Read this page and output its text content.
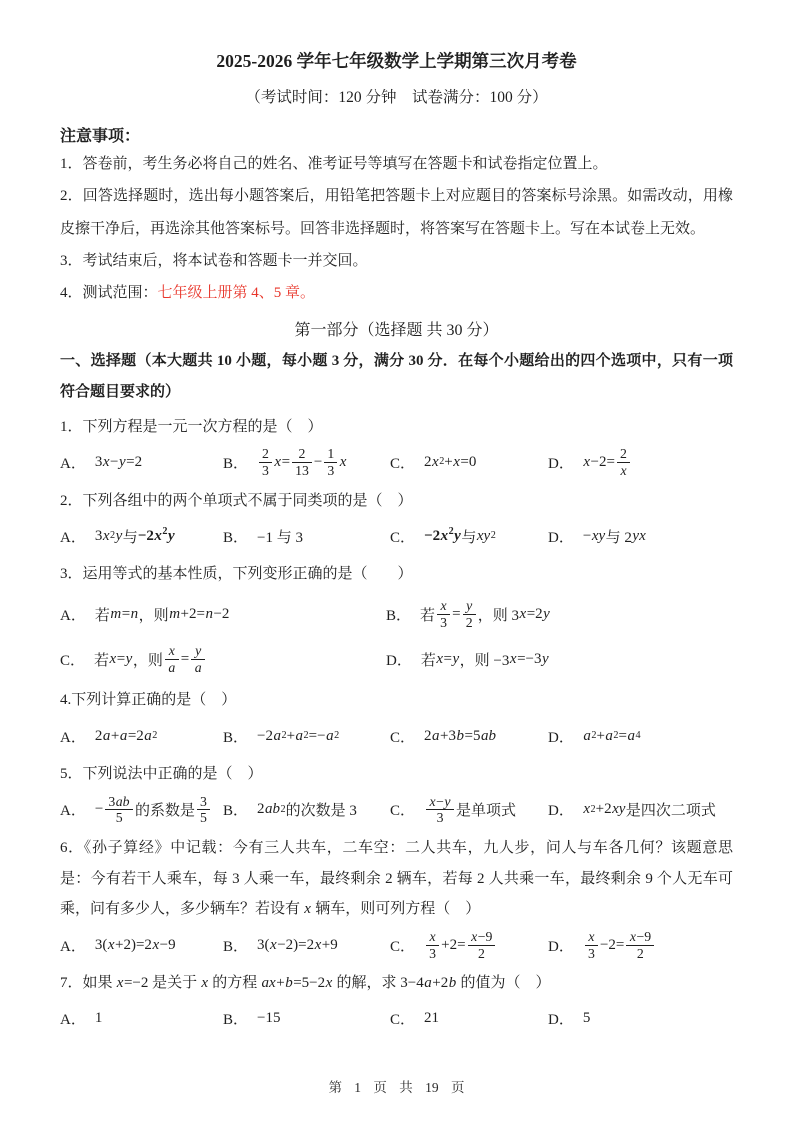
2025-2026 学年七年级数学上学期第三次月考卷

（考试时间：120 分钟　试卷满分：100 分）

注意事项：

1．答卷前，考生务必将自己的姓名、准考证号等填写在答题卡和试卷指定位置上。

2．回答选择题时，选出每小题答案后，用铅笔把答题卡上对应题目的答案标号涂黑。如需改动，用橡皮擦干净后，再选涂其他答案标号。回答非选择题时，将答案写在答题卡上。写在本试卷上无效。

3．考试结束后，将本试卷和答题卡一并交回。

4．测试范围：七年级上册第 4、5 章。

第一部分（选择题 共 30 分）

一、选择题（本大题共 10 小题，每小题 3 分，满分 30 分．在每个小题给出的四个选项中，只有一项符合题目要求的）

1．下列方程是一元一次方程的是（　）

A． 3 x − y =2	B． $\frac{2}{3}$ $x = \frac{2}{13} - \frac{1}{3}$ x	C． 2 x 2 + x =0	D． $x -2= \frac{2}{x}$

2．下列各组中的两个单项式不属于同类项的是（　）

A． 3 x 2 y 与 $-2x^2y$	B． −1 与 3	C． $-2x^2y$ 与 xy 2	D． − xy 与 2 yx

3．运用等式的基本性质，下列变形正确的是（　　）

A． 若 m = n ，则 m +2= n −2	B． 若 $\frac{x}{3} = \frac{y}{2}$ ，则 3 x =2 y
C． 若 x = y ，则 $\frac{x}{a} = \frac{y}{a}$	D． 若 x = y ，则 −3 x =−3 y

4.下列计算正确的是（　）

A． 2 a + a =2 a 2	B． −2 a 2 + a 2 =− a 2	C． 2 a +3 b =5 ab	D． a 2 + a 2 = a 4

5．下列说法中正确的是（　）

A． − $\frac{3ab}{5}$ 的系数是 $\frac{3}{5}$ B． 2 ab 2 的次数是 3 C． $\frac{x-y}{3}$ 是单项式 D． x 2 +2 xy 是四次二项式

6．《孙子算经》中记载：今有三人共车，二车空：二人共车，九人步，问人与车各几何？该题意思是：今有若干人乘车，每 3 人乘一车，最终剩余 2 辆车，若每 2 人共乘一车，最终剩余 9 个人无车可乘，问有多少人，多少辆车？若设有 x 辆车，则可列方程（　）

A． 3( x +2)=2 x −9	B． 3( x −2)=2 x +9	C． $\frac{x}{3} +2= \frac{x-9}{2}$	D． $\frac{x}{3} -2= \frac{x-9}{2}$

7．如果 x=−2 是关于 x 的方程 ax+b=5−2x 的解，求 3−4a+2b 的值为（　）

A． 1	B． −15	C． 21	D． 5
第 1 页 共 19 页
